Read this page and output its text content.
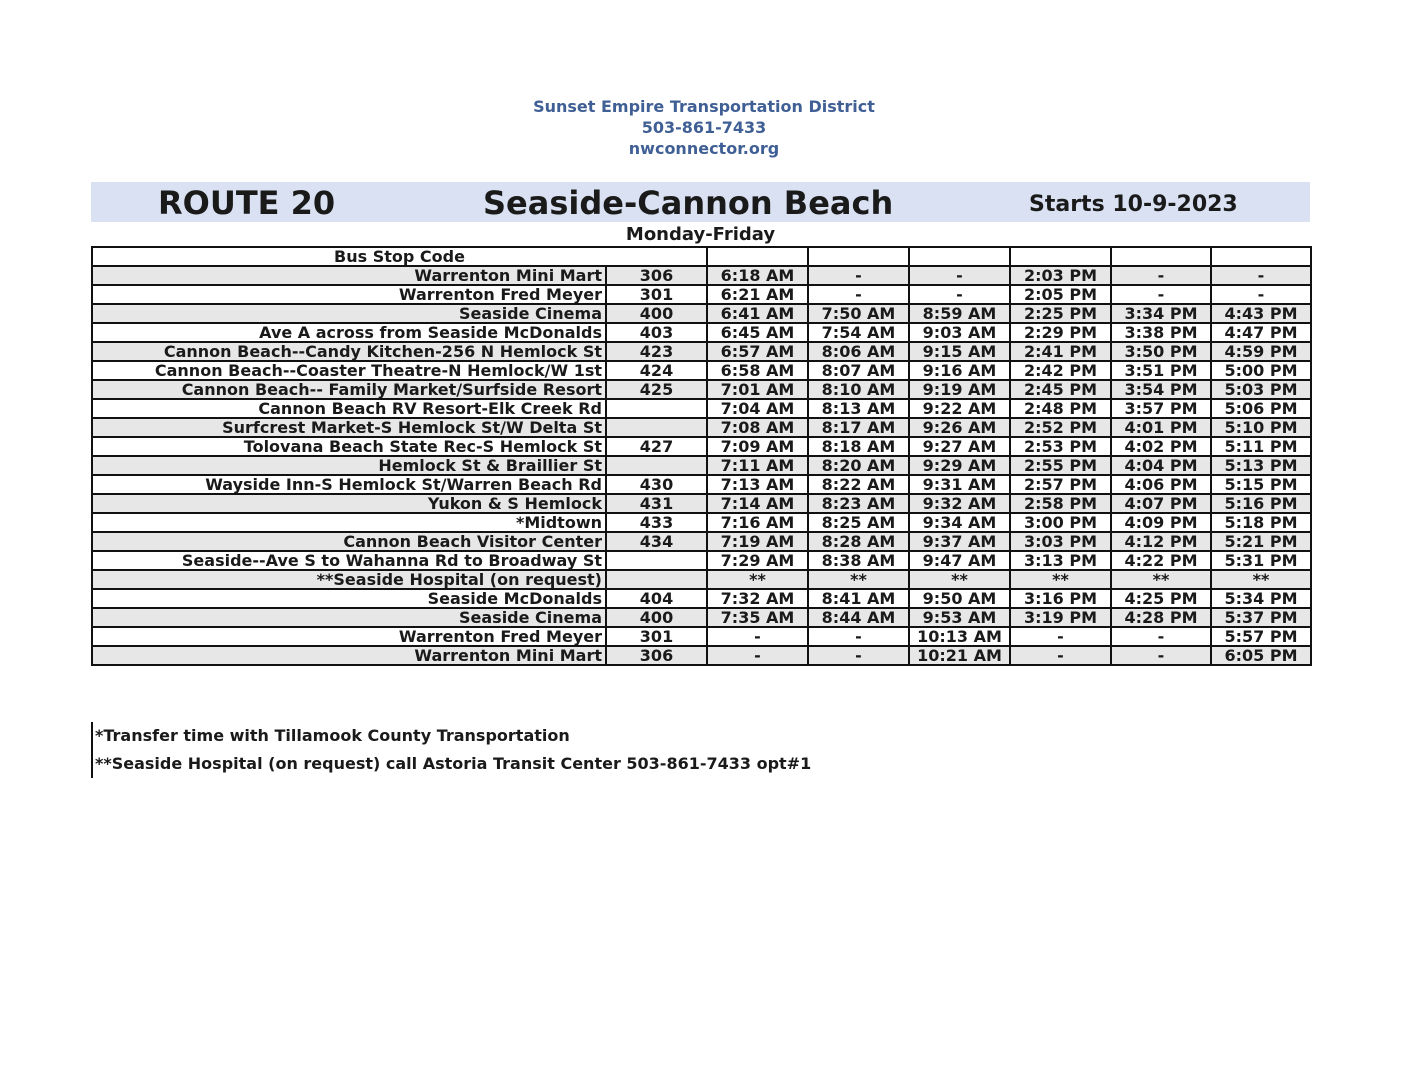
Sunset Empire Transportation District
503-861-7433
nwconnector.org
ROUTE 20	Seaside-Cannon Beach	Starts 10-9-2023
Monday-Friday
Bus Stop Code							
Warrenton Mini Mart	306	6:18 AM	-	-	2:03 PM	-	-
Warrenton Fred Meyer	301	6:21 AM	-	-	2:05 PM	-	-
Seaside Cinema	400	6:41 AM	7:50 AM	8:59 AM	2:25 PM	3:34 PM	4:43 PM
Ave A across from Seaside McDonalds	403	6:45 AM	7:54 AM	9:03 AM	2:29 PM	3:38 PM	4:47 PM
Cannon Beach--Candy Kitchen-256 N Hemlock St	423	6:57 AM	8:06 AM	9:15 AM	2:41 PM	3:50 PM	4:59 PM
Cannon Beach--Coaster Theatre-N Hemlock/W 1st	424	6:58 AM	8:07 AM	9:16 AM	2:42 PM	3:51 PM	5:00 PM
Cannon Beach-- Family Market/Surfside Resort	425	7:01 AM	8:10 AM	9:19 AM	2:45 PM	3:54 PM	5:03 PM
Cannon Beach RV Resort-Elk Creek Rd		7:04 AM	8:13 AM	9:22 AM	2:48 PM	3:57 PM	5:06 PM
Surfcrest Market-S Hemlock St/W Delta St		7:08 AM	8:17 AM	9:26 AM	2:52 PM	4:01 PM	5:10 PM
Tolovana Beach State Rec-S Hemlock St	427	7:09 AM	8:18 AM	9:27 AM	2:53 PM	4:02 PM	5:11 PM
Hemlock St & Braillier St		7:11 AM	8:20 AM	9:29 AM	2:55 PM	4:04 PM	5:13 PM
Wayside Inn-S Hemlock St/Warren Beach Rd	430	7:13 AM	8:22 AM	9:31 AM	2:57 PM	4:06 PM	5:15 PM
Yukon & S Hemlock	431	7:14 AM	8:23 AM	9:32 AM	2:58 PM	4:07 PM	5:16 PM
*Midtown	433	7:16 AM	8:25 AM	9:34 AM	3:00 PM	4:09 PM	5:18 PM
Cannon Beach Visitor Center	434	7:19 AM	8:28 AM	9:37 AM	3:03 PM	4:12 PM	5:21 PM
Seaside--Ave S to Wahanna Rd to Broadway St		7:29 AM	8:38 AM	9:47 AM	3:13 PM	4:22 PM	5:31 PM
**Seaside Hospital (on request)		**	**	**	**	**	**
Seaside McDonalds	404	7:32 AM	8:41 AM	9:50 AM	3:16 PM	4:25 PM	5:34 PM
Seaside Cinema	400	7:35 AM	8:44 AM	9:53 AM	3:19 PM	4:28 PM	5:37 PM
Warrenton Fred Meyer	301	-	-	10:13 AM	-	-	5:57 PM
Warrenton Mini Mart	306	-	-	10:21 AM	-	-	6:05 PM
*Transfer time with Tillamook County Transportation
**Seaside Hospital (on request) call Astoria Transit Center 503-861-7433 opt#1
